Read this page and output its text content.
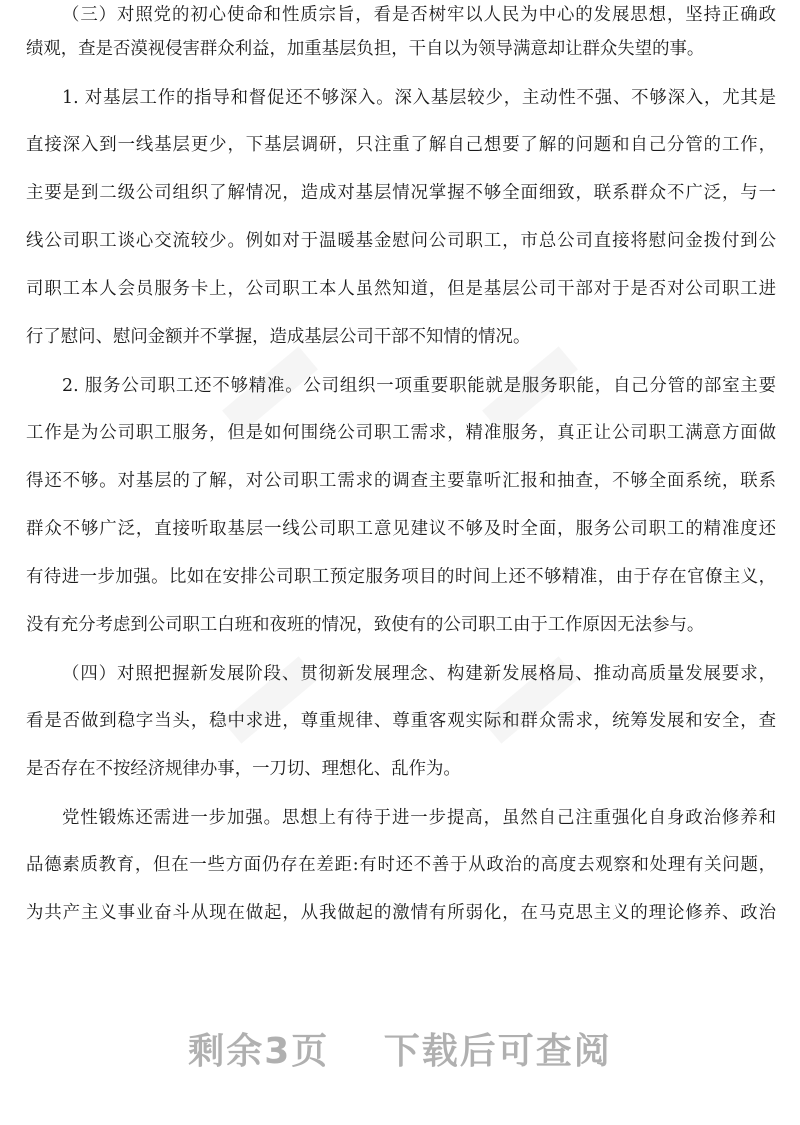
（三）对照党的初心使命和性质宗旨，看是否树牢以人民为中心的发展思想，坚持正确政
绩观，查是否漠视侵害群众利益，加重基层负担，干自以为领导满意却让群众失望的事。
1. 对基层工作的指导和督促还不够深入。深入基层较少，主动性不强、不够深入，尤其是
直接深入到一线基层更少，下基层调研，只注重了解自己想要了解的问题和自己分管的工作，
主要是到二级公司组织了解情况，造成对基层情况掌握不够全面细致，联系群众不广泛，与一
线公司职工谈心交流较少。例如对于温暖基金慰问公司职工，市总公司直接将慰问金拨付到公
司职工本人会员服务卡上，公司职工本人虽然知道，但是基层公司干部对于是否对公司职工进
行了慰问、慰问金额并不掌握，造成基层公司干部不知情的情况。
2. 服务公司职工还不够精准。公司组织一项重要职能就是服务职能，自己分管的部室主要
工作是为公司职工服务，但是如何围绕公司职工需求，精准服务，真正让公司职工满意方面做
得还不够。对基层的了解，对公司职工需求的调查主要靠听汇报和抽查，不够全面系统，联系
群众不够广泛，直接听取基层一线公司职工意见建议不够及时全面，服务公司职工的精准度还
有待进一步加强。比如在安排公司职工预定服务项目的时间上还不够精准，由于存在官僚主义，
没有充分考虑到公司职工白班和夜班的情况，致使有的公司职工由于工作原因无法参与。
（四）对照把握新发展阶段、贯彻新发展理念、构建新发展格局、推动高质量发展要求，
看是否做到稳字当头，稳中求进，尊重规律、尊重客观实际和群众需求，统筹发展和安全，查
是否存在不按经济规律办事，一刀切、理想化、乱作为。
党性锻炼还需进一步加强。思想上有待于进一步提高，虽然自己注重强化自身政治修养和
品德素质教育，但在一些方面仍存在差距:有时还不善于从政治的高度去观察和处理有关问题，
为共产主义事业奋斗从现在做起，从我做起的激情有所弱化，在马克思主义的理论修养、政治
剩余3页 下载后可查阅
